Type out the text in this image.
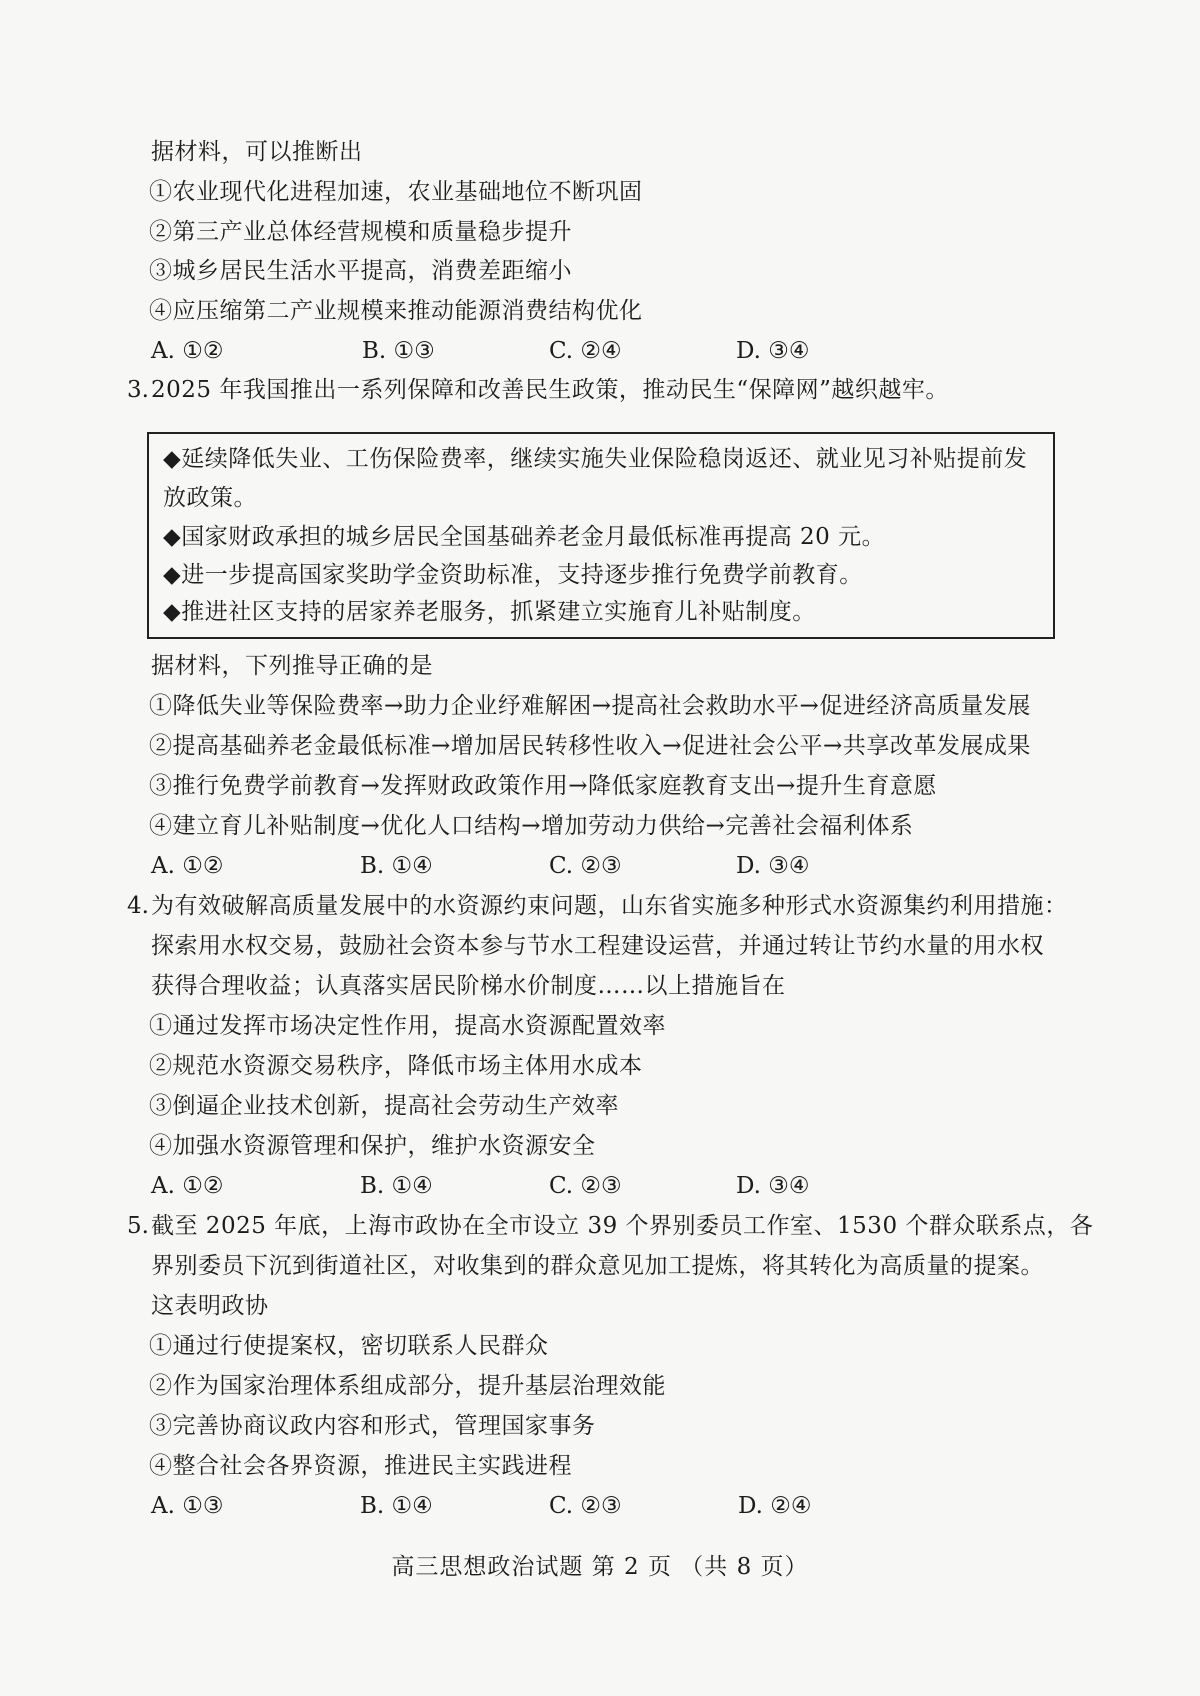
据材料，可以推断出
①农业现代化进程加速，农业基础地位不断巩固
②第三产业总体经营规模和质量稳步提升
③城乡居民生活水平提高，消费差距缩小
④应压缩第二产业规模来推动能源消费结构优化
A. ①②	B. ①③	C. ②④	D. ③④
3. 2025 年我国推出一系列保障和改善民生政策，推动民生“保障网”越织越牢。
◆延续降低失业、工伤保险费率，继续实施失业保险稳岗返还、就业见习补贴提前发
放政策。
◆国家财政承担的城乡居民全国基础养老金月最低标准再提高 20 元。
◆进一步提高国家奖助学金资助标准，支持逐步推行免费学前教育。
◆推进社区支持的居家养老服务，抓紧建立实施育儿补贴制度。
据材料，下列推导正确的是
①降低失业等保险费率→助力企业纾难解困→提高社会救助水平→促进经济高质量发展
②提高基础养老金最低标准→增加居民转移性收入→促进社会公平→共享改革发展成果
③推行免费学前教育→发挥财政政策作用→降低家庭教育支出→提升生育意愿
④建立育儿补贴制度→优化人口结构→增加劳动力供给→完善社会福利体系
A. ①②	B. ①④	C. ②③	D. ③④
4. 为有效破解高质量发展中的水资源约束问题，山东省实施多种形式水资源集约利用措施：
探索用水权交易，鼓励社会资本参与节水工程建设运营，并通过转让节约水量的用水权
获得合理收益；认真落实居民阶梯水价制度……以上措施旨在
①通过发挥市场决定性作用，提高水资源配置效率
②规范水资源交易秩序，降低市场主体用水成本
③倒逼企业技术创新，提高社会劳动生产效率
④加强水资源管理和保护，维护水资源安全
A. ①②	B. ①④	C. ②③	D. ③④
5. 截至 2025 年底，上海市政协在全市设立 39 个界别委员工作室、1530 个群众联系点，各
界别委员下沉到街道社区，对收集到的群众意见加工提炼，将其转化为高质量的提案。
这表明政协
①通过行使提案权，密切联系人民群众
②作为国家治理体系组成部分，提升基层治理效能
③完善协商议政内容和形式，管理国家事务
④整合社会各界资源，推进民主实践进程
A. ①③	B. ①④	C. ②③	D. ②④
高三思想政治试题 第 2 页 （共 8 页）
